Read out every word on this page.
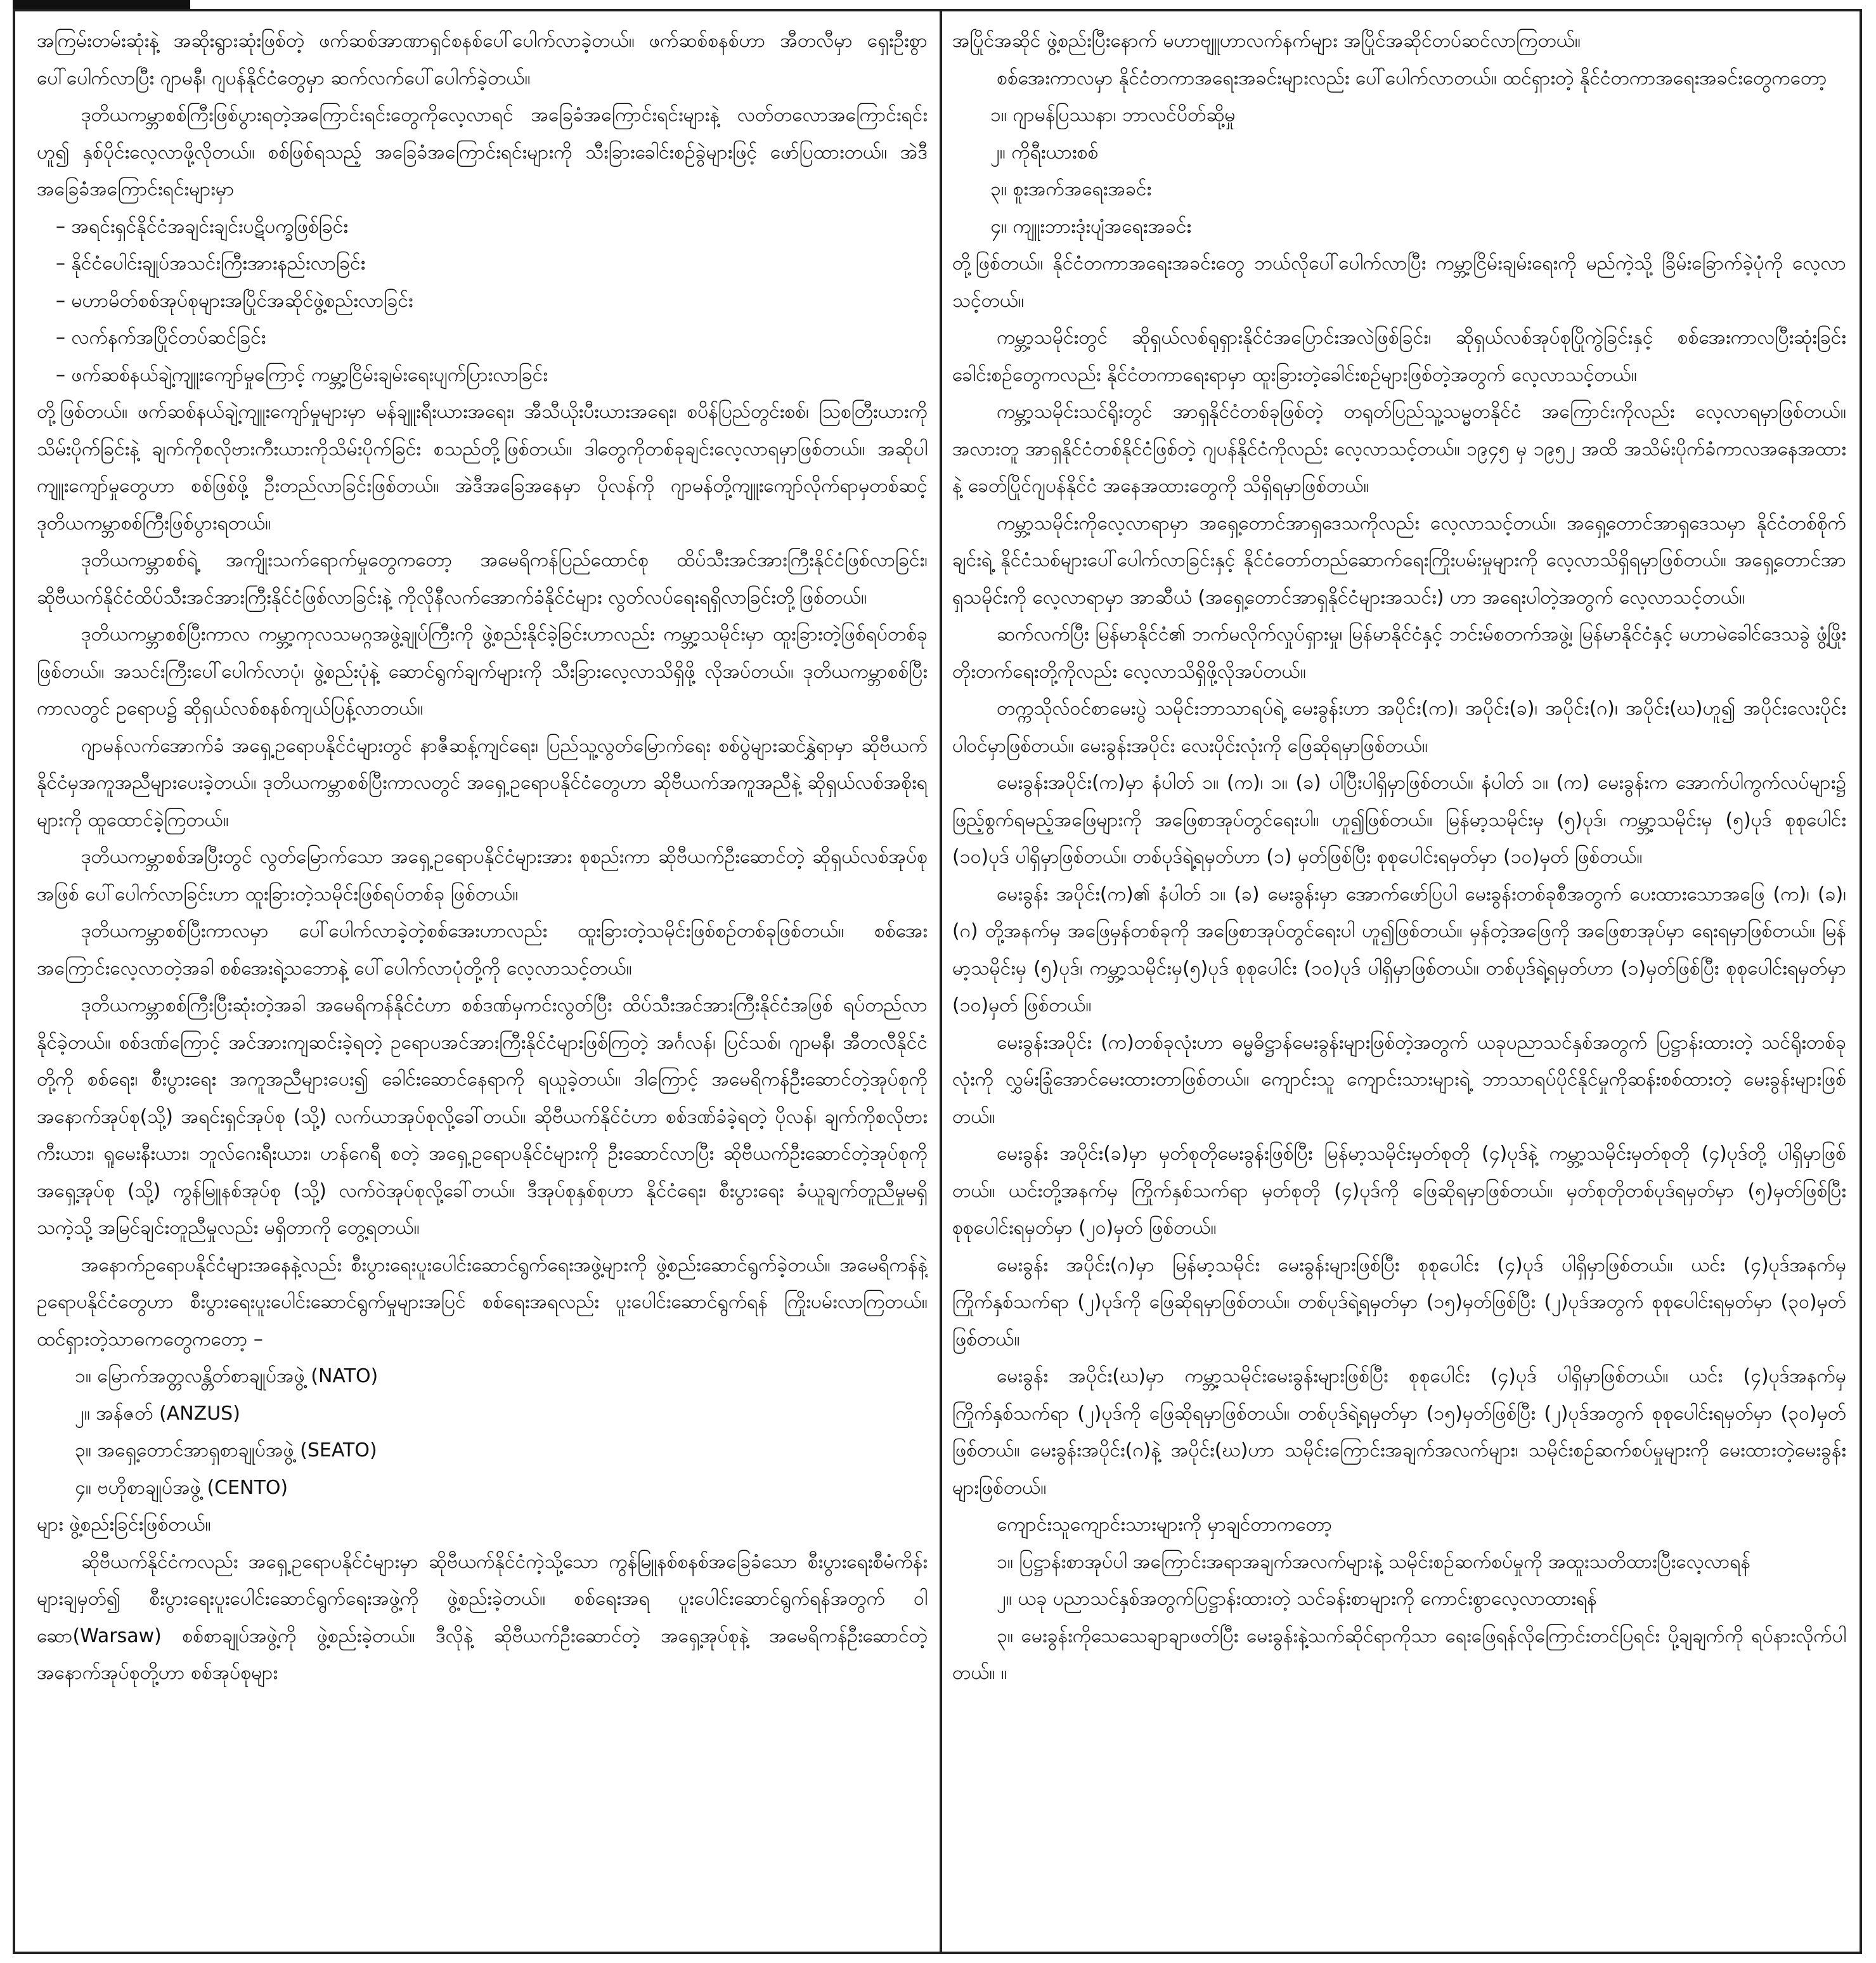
အကြမ်းတမ်းဆုံးနဲ့ အဆိုးရွားဆုံးဖြစ်တဲ့ ဖက်ဆစ်အာဏာရှင်စနစ်ပေါ်ပေါက်လာခဲ့တယ်။ ဖက်ဆစ်စနစ်ဟာ အီတလီမှာ ရှေးဦးစွာပေါ်ပေါက်လာပြီး ဂျာမနီ၊ ဂျပန်နိုင်ငံတွေမှာ ဆက်လက်ပေါ်ပေါက်ခဲ့တယ်။

ဒုတိယကမ္ဘာစစ်ကြီးဖြစ်ပွားရတဲ့အကြောင်းရင်းတွေကိုလေ့လာရင် အခြေခံအကြောင်းရင်းများနဲ့ လတ်တလောအကြောင်းရင်းဟူ၍ နှစ်ပိုင်းလေ့လာဖို့လိုတယ်။ စစ်ဖြစ်ရသည့် အခြေခံအကြောင်းရင်းများကို သီးခြားခေါင်းစဉ်ခွဲများဖြင့် ဖော်ပြထားတယ်။ အဲဒီအခြေခံအကြောင်းရင်းများမှာ

– အရင်းရှင်နိုင်ငံအချင်းချင်းပဋိပက္ခဖြစ်ခြင်း

– နိုင်ငံပေါင်းချုပ်အသင်းကြီးအားနည်းလာခြင်း

– မဟာမိတ်စစ်အုပ်စုများအပြိုင်အဆိုင်ဖွဲ့စည်းလာခြင်း

– လက်နက်အပြိုင်တပ်ဆင်ခြင်း

– ဖက်ဆစ်နယ်ချဲ့ကျူးကျော်မှုကြောင့် ကမ္ဘာ့ငြိမ်းချမ်းရေးပျက်ပြားလာခြင်း

တို့ဖြစ်တယ်။ ဖက်ဆစ်နယ်ချဲ့ကျူးကျော်မှုများမှာ မန်ချူးရီးယားအရေး၊ အီသီယိုးပီးယားအရေး၊ စပိန်ပြည်တွင်းစစ်၊ ဩစတြီးယားကိုသိမ်းပိုက်ခြင်းနဲ့ ချက်ကိုစလိုဗားကီးယားကိုသိမ်းပိုက်ခြင်း စသည်တို့ဖြစ်တယ်။ ဒါတွေကိုတစ်ခုချင်းလေ့လာရမှာဖြစ်တယ်။ အဆိုပါ ကျူးကျော်မှုတွေဟာ စစ်ဖြစ်ဖို့ ဦးတည်လာခြင်းဖြစ်တယ်။ အဲဒီအခြေအနေမှာ ပိုလန်ကို ဂျာမန်တို့ကျူးကျော်လိုက်ရာမှတစ်ဆင့် ဒုတိယကမ္ဘာစစ်ကြီးဖြစ်ပွားရတယ်။

ဒုတိယကမ္ဘာစစ်ရဲ့ အကျိုးသက်ရောက်မှုတွေကတော့ အမေရိကန်ပြည်ထောင်စု ထိပ်သီးအင်အားကြီးနိုင်ငံဖြစ်လာခြင်း၊ ဆိုဗီယက်နိုင်ငံထိပ်သီးအင်အားကြီးနိုင်ငံဖြစ်လာခြင်းနဲ့ ကိုလိုနီလက်အောက်ခံနိုင်ငံများ လွတ်လပ်ရေးရရှိလာခြင်းတို့ဖြစ်တယ်။

ဒုတိယကမ္ဘာစစ်ပြီးကာလ ကမ္ဘာ့ကုလသမဂ္ဂအဖွဲ့ချုပ်ကြီးကို ဖွဲ့စည်းနိုင်ခဲ့ခြင်းဟာလည်း ကမ္ဘာ့သမိုင်းမှာ ထူးခြားတဲ့ဖြစ်ရပ်တစ်ခုဖြစ်တယ်။ အသင်းကြီးပေါ်ပေါက်လာပုံ၊ ဖွဲ့စည်းပုံနဲ့ ဆောင်ရွက်ချက်များကို သီးခြားလေ့လာသိရှိဖို့ လိုအပ်တယ်။ ဒုတိယကမ္ဘာစစ်ပြီးကာလတွင် ဥရောပ၌ ဆိုရှယ်လစ်စနစ်ကျယ်ပြန့်လာတယ်။

ဂျာမန်လက်အောက်ခံ အရှေ့ဥရောပနိုင်ငံများတွင် နာဇီဆန့်ကျင်ရေး၊ ပြည်သူ့လွတ်မြောက်ရေး စစ်ပွဲများဆင်နွှဲရာမှာ ဆိုဗီယက်နိုင်ငံမှအကူအညီများပေးခဲ့တယ်။ ဒုတိယကမ္ဘာစစ်ပြီးကာလတွင် အရှေ့ဥရောပနိုင်ငံတွေဟာ ဆိုဗီယက်အကူအညီနဲ့ ဆိုရှယ်လစ်အစိုးရများကို ထူထောင်ခဲ့ကြတယ်။

ဒုတိယကမ္ဘာစစ်အပြီးတွင် လွတ်မြောက်သော အရှေ့ဥရောပနိုင်ငံများအား စုစည်းကာ ဆိုဗီယက်ဦးဆောင်တဲ့ ဆိုရှယ်လစ်အုပ်စုအဖြစ် ပေါ်ပေါက်လာခြင်းဟာ ထူးခြားတဲ့သမိုင်းဖြစ်ရပ်တစ်ခု ဖြစ်တယ်။

ဒုတိယကမ္ဘာစစ်ပြီးကာလမှာ ပေါ်ပေါက်လာခဲ့တဲ့စစ်အေးဟာလည်း ထူးခြားတဲ့သမိုင်းဖြစ်စဉ်တစ်ခုဖြစ်တယ်။ စစ်အေးအကြောင်းလေ့လာတဲ့အခါ စစ်အေးရဲ့သဘောနဲ့ ပေါ်ပေါက်လာပုံတို့ကို လေ့လာသင့်တယ်။

ဒုတိယကမ္ဘာစစ်ကြီးပြီးဆုံးတဲ့အခါ အမေရိကန်နိုင်ငံဟာ စစ်ဒဏ်မှကင်းလွတ်ပြီး ထိပ်သီးအင်အားကြီးနိုင်ငံအဖြစ် ရပ်တည်လာနိုင်ခဲ့တယ်။ စစ်ဒဏ်ကြောင့် အင်အားကျဆင်းခဲ့ရတဲ့ ဥရောပအင်အားကြီးနိုင်ငံများဖြစ်ကြတဲ့ အင်္ဂလန်၊ ပြင်သစ်၊ ဂျာမနီ၊ အီတလီနိုင်ငံတို့ကို စစ်ရေး၊ စီးပွားရေး အကူအညီများပေး၍ ခေါင်းဆောင်နေရာကို ရယူခဲ့တယ်။ ဒါကြောင့် အမေရိကန်ဦးဆောင်တဲ့အုပ်စုကို အနောက်အုပ်စု(သို့) အရင်းရှင်အုပ်စု (သို့) လက်ယာအုပ်စုလို့ခေါ်တယ်။ ဆိုဗီယက်နိုင်ငံဟာ စစ်ဒဏ်ခံခဲ့ရတဲ့ ပိုလန်၊ ချက်ကိုစလိုဗားကီးယား၊ ရူမေးနီးယား၊ ဘူလ်ဂေးရီးယား၊ ဟန်ဂေရီ စတဲ့ အရှေ့ဥရောပနိုင်ငံများကို ဦးဆောင်လာပြီး ဆိုဗီယက်ဦးဆောင်တဲ့အုပ်စုကို အရှေ့အုပ်စု (သို့) ကွန်မြူနစ်အုပ်စု (သို့) လက်ဝဲအုပ်စုလို့ခေါ်တယ်။ ဒီအုပ်စုနှစ်စုဟာ နိုင်ငံရေး၊ စီးပွားရေး ခံယူချက်တူညီမှုမရှိသကဲ့သို့ အမြင်ချင်းတူညီမှုလည်း မရှိတာကို တွေ့ရတယ်။

အနောက်ဥရောပနိုင်ငံများအနေနဲ့လည်း စီးပွားရေးပူးပေါင်းဆောင်ရွက်ရေးအဖွဲ့များကို ဖွဲ့စည်းဆောင်ရွက်ခဲ့တယ်။ အမေရိကန်နဲ့ဥရောပနိုင်ငံတွေဟာ စီးပွားရေးပူးပေါင်းဆောင်ရွက်မှုများအပြင် စစ်ရေးအရလည်း ပူးပေါင်းဆောင်ရွက်ရန် ကြိုးပမ်းလာကြတယ်။ ထင်ရှားတဲ့သာဓကတွေကတော့ –

၁။ မြောက်အတ္တလန္တိတ်စာချုပ်အဖွဲ့ (NATO)

၂။ အန်ဇတ် (ANZUS)

၃။ အရှေ့တောင်အာရှစာချုပ်အဖွဲ့ (SEATO)

၄။ ဗဟိုစာချုပ်အဖွဲ့ (CENTO)

များ ဖွဲ့စည်းခြင်းဖြစ်တယ်။

ဆိုဗီယက်နိုင်ငံကလည်း အရှေ့ဥရောပနိုင်ငံများမှာ ဆိုဗီယက်နိုင်ငံကဲ့သို့သော ကွန်မြူနစ်စနစ်အခြေခံသော စီးပွားရေးစီမံကိန်းများချမှတ်၍ စီးပွားရေးပူးပေါင်းဆောင်ရွက်ရေးအဖွဲ့ကို ဖွဲ့စည်းခဲ့တယ်။ စစ်ရေးအရ ပူးပေါင်းဆောင်ရွက်ရန်အတွက် ဝါဆော(Warsaw) စစ်စာချုပ်အဖွဲ့ကို ဖွဲ့စည်းခဲ့တယ်။ ဒီလိုနဲ့ ဆိုဗီယက်ဦးဆောင်တဲ့ အရှေ့အုပ်စုနဲ့ အမေရိကန်ဦးဆောင်တဲ့ အနောက်အုပ်စုတို့ဟာ စစ်အုပ်စုများ

အပြိုင်အဆိုင် ဖွဲ့စည်းပြီးနောက် မဟာဗျူဟာလက်နက်များ အပြိုင်အဆိုင်တပ်ဆင်လာကြတယ်။

စစ်အေးကာလမှာ နိုင်ငံတကာအရေးအခင်းများလည်း ပေါ်ပေါက်လာတယ်။ ထင်ရှားတဲ့ နိုင်ငံတကာအရေးအခင်းတွေကတော့

၁။ ဂျာမန်ပြဿနာ၊ ဘာလင်ပိတ်ဆို့မှု

၂။ ကိုရီးယားစစ်

၃။ စူးအက်အရေးအခင်း

၄။ ကျူးဘားဒုံးပျံအရေးအခင်း

တို့ဖြစ်တယ်။ နိုင်ငံတကာအရေးအခင်းတွေ ဘယ်လိုပေါ်ပေါက်လာပြီး ကမ္ဘာ့ငြိမ်းချမ်းရေးကို မည်ကဲ့သို့ ခြိမ်းခြောက်ခဲ့ပုံကို လေ့လာသင့်တယ်။

ကမ္ဘာ့သမိုင်းတွင် ဆိုရှယ်လစ်ရုရှားနိုင်ငံအပြောင်းအလဲဖြစ်ခြင်း၊ ဆိုရှယ်လစ်အုပ်စုပြိုကွဲခြင်းနှင့် စစ်အေးကာလပြီးဆုံးခြင်း ခေါင်းစဉ်တွေကလည်း နိုင်ငံတကာရေးရာမှာ ထူးခြားတဲ့ခေါင်းစဉ်များဖြစ်တဲ့အတွက် လေ့လာသင့်တယ်။

ကမ္ဘာ့သမိုင်းသင်ရိုးတွင် အာရှနိုင်ငံတစ်ခုဖြစ်တဲ့ တရုတ်ပြည်သူ့သမ္မတနိုင်ငံ အကြောင်းကိုလည်း လေ့လာရမှာဖြစ်တယ်။ အလားတူ အာရှနိုင်ငံတစ်နိုင်ငံဖြစ်တဲ့ ဂျပန်နိုင်ငံကိုလည်း လေ့လာသင့်တယ်။ ၁၉၄၅ မှ ၁၉၅၂ အထိ အသိမ်းပိုက်ခံကာလအနေအထားနဲ့ ခေတ်ပြိုင်ဂျပန်နိုင်ငံ အနေအထားတွေကို သိရှိရမှာဖြစ်တယ်။

ကမ္ဘာ့သမိုင်းကိုလေ့လာရာမှာ အရှေ့တောင်အာရှဒေသကိုလည်း လေ့လာသင့်တယ်။ အရှေ့တောင်အာရှဒေသမှာ နိုင်ငံတစ်စိုက်ချင်းရဲ့ နိုင်ငံသစ်များပေါ်ပေါက်လာခြင်းနှင့် နိုင်ငံတော်တည်ဆောက်ရေးကြိုးပမ်းမှုများကို လေ့လာသိရှိရမှာဖြစ်တယ်။ အရှေ့တောင်အာရှသမိုင်းကို လေ့လာရာမှာ အာဆီယံ (အရှေ့တောင်အာရှနိုင်ငံများအသင်း) ဟာ အရေးပါတဲ့အတွက် လေ့လာသင့်တယ်။

ဆက်လက်ပြီး မြန်မာနိုင်ငံ၏ ဘက်မလိုက်လှုပ်ရှားမှု၊ မြန်မာနိုင်ငံနှင့် ဘင်းမ်စတက်အဖွဲ့၊ မြန်မာနိုင်ငံနှင့် မဟာမဲခေါင်ဒေသခွဲ ဖွံ့ဖြိုးတိုးတက်ရေးတို့ကိုလည်း လေ့လာသိရှိဖို့လိုအပ်တယ်။

တက္ကသိုလ်ဝင်စာမေးပွဲ သမိုင်းဘာသာရပ်ရဲ့ မေးခွန်းဟာ အပိုင်း(က)၊ အပိုင်း(ခ)၊ အပိုင်း(ဂ)၊ အပိုင်း(ဃ)ဟူ၍ အပိုင်းလေးပိုင်း ပါဝင်မှာဖြစ်တယ်။ မေးခွန်းအပိုင်း လေးပိုင်းလုံးကို ဖြေဆိုရမှာဖြစ်တယ်။

မေးခွန်းအပိုင်း(က)မှာ နံပါတ် ၁။ (က)၊ ၁။ (ခ) ပါပြီးပါရှိမှာဖြစ်တယ်။ နံပါတ် ၁။ (က) မေးခွန်းက အောက်ပါကွက်လပ်များ၌ ဖြည့်စွက်ရမည့်အဖြေများကို အဖြေစာအုပ်တွင်ရေးပါ။ ဟူ၍ဖြစ်တယ်။ မြန်မာ့သမိုင်းမှ (၅)ပုဒ်၊ ကမ္ဘာ့သမိုင်းမှ (၅)ပုဒ် စုစုပေါင်း (၁၀)ပုဒ် ပါရှိမှာဖြစ်တယ်။ တစ်ပုဒ်ရဲ့ရမှတ်ဟာ (၁) မှတ်ဖြစ်ပြီး စုစုပေါင်းရမှတ်မှာ (၁၀)မှတ် ဖြစ်တယ်။

မေးခွန်း အပိုင်း(က)၏ နံပါတ် ၁။ (ခ) မေးခွန်းမှာ အောက်ဖော်ပြပါ မေးခွန်းတစ်ခုစီအတွက် ပေးထားသောအဖြေ (က)၊ (ခ)၊ (ဂ) တို့အနက်မှ အဖြေမှန်တစ်ခုကို အဖြေစာအုပ်တွင်ရေးပါ ဟူ၍ဖြစ်တယ်။ မှန်တဲ့အဖြေကို အဖြေစာအုပ်မှာ ရေးရမှာဖြစ်တယ်။ မြန်မာ့သမိုင်းမှ (၅)ပုဒ်၊ ကမ္ဘာ့သမိုင်းမှ(၅)ပုဒ် စုစုပေါင်း (၁၀)ပုဒ် ပါရှိမှာဖြစ်တယ်။ တစ်ပုဒ်ရဲ့ရမှတ်ဟာ (၁)မှတ်ဖြစ်ပြီး စုစုပေါင်းရမှတ်မှာ (၁၀)မှတ် ဖြစ်တယ်။

မေးခွန်းအပိုင်း (က)တစ်ခုလုံးဟာ ဓမ္မဓိဋ္ဌာန်မေးခွန်းများဖြစ်တဲ့အတွက် ယခုပညာသင်နှစ်အတွက် ပြဋ္ဌာန်းထားတဲ့ သင်ရိုးတစ်ခုလုံးကို လွှမ်းခြုံအောင်မေးထားတာဖြစ်တယ်။ ကျောင်းသူ ကျောင်းသားများရဲ့ ဘာသာရပ်ပိုင်နိုင်မှုကိုဆန်းစစ်ထားတဲ့ မေးခွန်းများဖြစ်တယ်။

မေးခွန်း အပိုင်း(ခ)မှာ မှတ်စုတိုမေးခွန်းဖြစ်ပြီး မြန်မာ့သမိုင်းမှတ်စုတို (၄)ပုဒ်နဲ့ ကမ္ဘာ့သမိုင်းမှတ်စုတို (၄)ပုဒ်တို့ ပါရှိမှာဖြစ်တယ်။ ယင်းတို့အနက်မှ ကြိုက်နှစ်သက်ရာ မှတ်စုတို (၄)ပုဒ်ကို ဖြေဆိုရမှာဖြစ်တယ်။ မှတ်စုတိုတစ်ပုဒ်ရမှတ်မှာ (၅)မှတ်ဖြစ်ပြီး စုစုပေါင်းရမှတ်မှာ (၂၀)မှတ် ဖြစ်တယ်။

မေးခွန်း အပိုင်း(ဂ)မှာ မြန်မာ့သမိုင်း မေးခွန်းများဖြစ်ပြီး စုစုပေါင်း (၄)ပုဒ် ပါရှိမှာဖြစ်တယ်။ ယင်း (၄)ပုဒ်အနက်မှ ကြိုက်နှစ်သက်ရာ (၂)ပုဒ်ကို ဖြေဆိုရမှာဖြစ်တယ်။ တစ်ပုဒ်ရဲ့ရမှတ်မှာ (၁၅)မှတ်ဖြစ်ပြီး (၂)ပုဒ်အတွက် စုစုပေါင်းရမှတ်မှာ (၃၀)မှတ် ဖြစ်တယ်။

မေးခွန်း အပိုင်း(ဃ)မှာ ကမ္ဘာ့သမိုင်းမေးခွန်းများဖြစ်ပြီး စုစုပေါင်း (၄)ပုဒ် ပါရှိမှာဖြစ်တယ်။ ယင်း (၄)ပုဒ်အနက်မှ ကြိုက်နှစ်သက်ရာ (၂)ပုဒ်ကို ဖြေဆိုရမှာဖြစ်တယ်။ တစ်ပုဒ်ရဲ့ရမှတ်မှာ (၁၅)မှတ်ဖြစ်ပြီး (၂)ပုဒ်အတွက် စုစုပေါင်းရမှတ်မှာ (၃၀)မှတ် ဖြစ်တယ်။ မေးခွန်းအပိုင်း(ဂ)နဲ့ အပိုင်း(ဃ)ဟာ သမိုင်းကြောင်းအချက်အလက်များ၊ သမိုင်းစဉ်ဆက်စပ်မှုများကို မေးထားတဲ့မေးခွန်းများဖြစ်တယ်။

ကျောင်းသူကျောင်းသားများကို မှာချင်တာကတော့

၁။ ပြဋ္ဌာန်းစာအုပ်ပါ အကြောင်းအရာအချက်အလက်များနဲ့ သမိုင်းစဉ်ဆက်စပ်မှုကို အထူးသတိထားပြီးလေ့လာရန်

၂။ ယခု ပညာသင်နှစ်အတွက်ပြဋ္ဌာန်းထားတဲ့ သင်ခန်းစာများကို ကောင်းစွာလေ့လာထားရန်

၃။ မေးခွန်းကိုသေသေချာချာဖတ်ပြီး မေးခွန်းနဲ့သက်ဆိုင်ရာကိုသာ ရေးဖြေရန်လိုကြောင်းတင်ပြရင်း ပို့ချချက်ကို ရပ်နားလိုက်ပါတယ်။ ။
